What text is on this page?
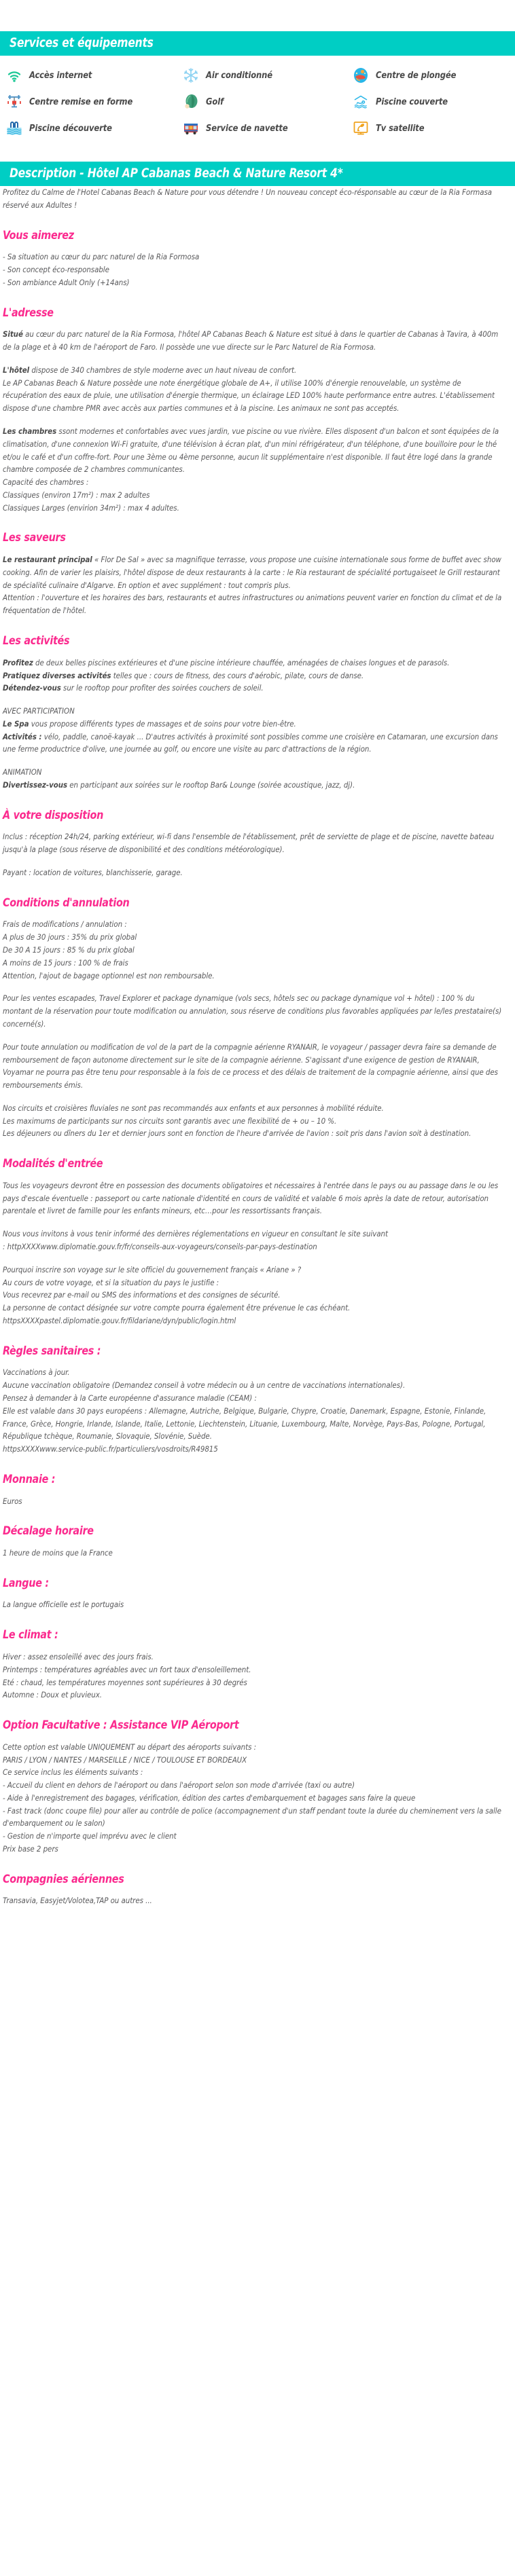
Services et équipements
Accès internet	Air conditionné	Centre de plongée
Centre remise en forme	Golf	Piscine couverte
Piscine découverte	Service de navette	Tv satellite
Description - Hôtel AP Cabanas Beach & Nature Resort 4*

Profitez du Calme de l'Hotel Cabanas Beach & Nature pour vous détendre ! Un nouveau concept éco-résponsable au cœur de la Ria Formasa réservé aux Adultes !

Vous aimerez

- Sa situation au cœur du parc naturel de la Ria Formosa

- Son concept éco-responsable

- Son ambiance Adult Only (+14ans)

L'adresse

Situé au cœur du parc naturel de la Ria Formosa, l'hôtel AP Cabanas Beach & Nature est situé à dans le quartier de Cabanas à Tavira, à 400m de la plage et à 40 km de l'aéroport de Faro. Il possède une vue directe sur le Parc Naturel de Ria Formosa.

L'hôtel dispose de 340 chambres de style moderne avec un haut niveau de confort.

Le AP Cabanas Beach & Nature possède une note énergétique globale de A+, il utilise 100% d'énergie renouvelable, un système de récupération des eaux de pluie, une utilisation d'énergie thermique, un éclairage LED 100% haute performance entre autres. L'établissement dispose d'une chambre PMR avec accès aux parties communes et à la piscine. Les animaux ne sont pas acceptés.

Les chambres ssont modernes et confortables avec vues jardin, vue piscine ou vue rivière. Elles disposent d'un balcon et sont équipées de la climatisation, d'une connexion Wi-Fi gratuite, d'une télévision à écran plat, d'un mini réfrigérateur, d'un téléphone, d'une bouilloire pour le thé et/ou le café et d'un coffre-fort. Pour une 3ème ou 4ème personne, aucun lit supplémentaire n'est disponible. Il faut être logé dans la grande chambre composée de 2 chambres communicantes.

Capacité des chambres :

Classiques (environ 17m²) : max 2 adultes

Classiques Larges (envirion 34m²) : max 4 adultes.

Les saveurs

Le restaurant principal « Flor De Sal » avec sa magnifique terrasse, vous propose une cuisine internationale sous forme de buffet avec show cooking. Afin de varier les plaisirs, l'hôtel dispose de deux restaurants à la carte : le Ria restaurant de spécialité portugaiseet le Grill restaurant de spécialité culinaire d'Algarve. En option et avec supplément : tout compris plus.

Attention : l'ouverture et les horaires des bars, restaurants et autres infrastructures ou animations peuvent varier en fonction du climat et de la fréquentation de l'hôtel.

Les activités

Profitez de deux belles piscines extérieures et d'une piscine intérieure chauffée, aménagées de chaises longues et de parasols.

Pratiquez diverses activités telles que : cours de fitness, des cours d'aérobic, pilate, cours de danse.

Détendez-vous sur le rooftop pour profiter des soirées couchers de soleil.

AVEC PARTICIPATION

Le Spa vous propose différents types de massages et de soins pour votre bien-être.

Activités : vélo, paddle, canoë-kayak ... D'autres activités à proximité sont possibles comme une croisière en Catamaran, une excursion dans une ferme productrice d'olive, une journée au golf, ou encore une visite au parc d'attractions de la région.

ANIMATION

Divertissez-vous en participant aux soirées sur le rooftop Bar& Lounge (soirée acoustique, jazz, dj).

À votre disposition

Inclus : réception 24h/24, parking extérieur, wi-fi dans l'ensemble de l'établissement, prêt de serviette de plage et de piscine, navette bateau jusqu'à la plage (sous réserve de disponibilité et des conditions météorologique).

Payant : location de voitures, blanchisserie, garage.

Conditions d'annulation

Frais de modifications / annulation :

A plus de 30 jours : 35% du prix global

De 30 A 15 jours : 85 % du prix global

A moins de 15 jours : 100 % de frais

Attention, l'ajout de bagage optionnel est non remboursable.

Pour les ventes escapades, Travel Explorer et package dynamique (vols secs, hôtels sec ou package dynamique vol + hôtel) : 100 % du montant de la réservation pour toute modification ou annulation, sous réserve de conditions plus favorables appliquées par le/les prestataire(s) concerné(s).

Pour toute annulation ou modification de vol de la part de la compagnie aérienne RYANAIR, le voyageur / passager devra faire sa demande de remboursement de façon autonome directement sur le site de la compagnie aérienne. S'agissant d'une exigence de gestion de RYANAIR, Voyamar ne pourra pas être tenu pour responsable à la fois de ce process et des délais de traitement de la compagnie aérienne, ainsi que des remboursements émis.

Nos circuits et croisières fluviales ne sont pas recommandés aux enfants et aux personnes à mobilité réduite.

Les maximums de participants sur nos circuits sont garantis avec une flexibilité de + ou – 10 %.

Les déjeuners ou dîners du 1er et dernier jours sont en fonction de l'heure d'arrivée de l'avion : soit pris dans l'avion soit à destination.

Modalités d'entrée

Tous les voyageurs devront être en possession des documents obligatoires et nécessaires à l'entrée dans le pays ou au passage dans le ou les pays d'escale éventuelle : passeport ou carte nationale d'identité en cours de validité et valable 6 mois après la date de retour, autorisation parentale et livret de famille pour les enfants mineurs, etc…pour les ressortissants français.

Nous vous invitons à vous tenir informé des dernières réglementations en vigueur en consultant le site suivant

: httpXXXXwww.diplomatie.gouv.fr/fr/conseils-aux-voyageurs/conseils-par-pays-destination

Pourquoi inscrire son voyage sur le site officiel du gouvernement français « Ariane » ?

Au cours de votre voyage, et si la situation du pays le justifie :

Vous recevrez par e-mail ou SMS des informations et des consignes de sécurité.

La personne de contact désignée sur votre compte pourra également être prévenue le cas échéant.

httpsXXXXpastel.diplomatie.gouv.fr/fildariane/dyn/public/login.html

Règles sanitaires :

Vaccinations à jour.

Aucune vaccination obligatoire (Demandez conseil à votre médecin ou à un centre de vaccinations internationales).

Pensez à demander à la Carte européenne d'assurance maladie (CEAM) :

Elle est valable dans 30 pays européens : Allemagne, Autriche, Belgique, Bulgarie, Chypre, Croatie, Danemark, Espagne, Estonie, Finlande, France, Grèce, Hongrie, Irlande, Islande, Italie, Lettonie, Liechtenstein, Lituanie, Luxembourg, Malte, Norvège, Pays-Bas, Pologne, Portugal, République tchèque, Roumanie, Slovaquie, Slovénie, Suède.

httpsXXXXwww.service-public.fr/particuliers/vosdroits/R49815

Monnaie :

Euros

Décalage horaire

1 heure de moins que la France

Langue :

La langue officielle est le portugais

Le climat :

Hiver : assez ensoleillé avec des jours frais.

Printemps : températures agréables avec un fort taux d'ensoleillement.

Eté : chaud, les températures moyennes sont supérieures à 30 degrés

Automne : Doux et pluvieux.

Option Facultative : Assistance VIP Aéroport

Cette option est valable UNIQUEMENT au départ des aéroports suivants :

PARIS / LYON / NANTES / MARSEILLE / NICE / TOULOUSE ET BORDEAUX

Ce service inclus les éléments suivants :

- Accueil du client en dehors de l'aéroport ou dans l'aéroport selon son mode d'arrivée (taxi ou autre)

- Aide à l'enregistrement des bagages, vérification, édition des cartes d'embarquement et bagages sans faire la queue

- Fast track (donc coupe file) pour aller au contrôle de police (accompagnement d'un staff pendant toute la durée du cheminement vers la salle d'embarquement ou le salon)

- Gestion de n'importe quel imprévu avec le client

Prix base 2 pers

Compagnies aériennes

Transavia, Easyjet/Volotea,TAP ou autres ...
